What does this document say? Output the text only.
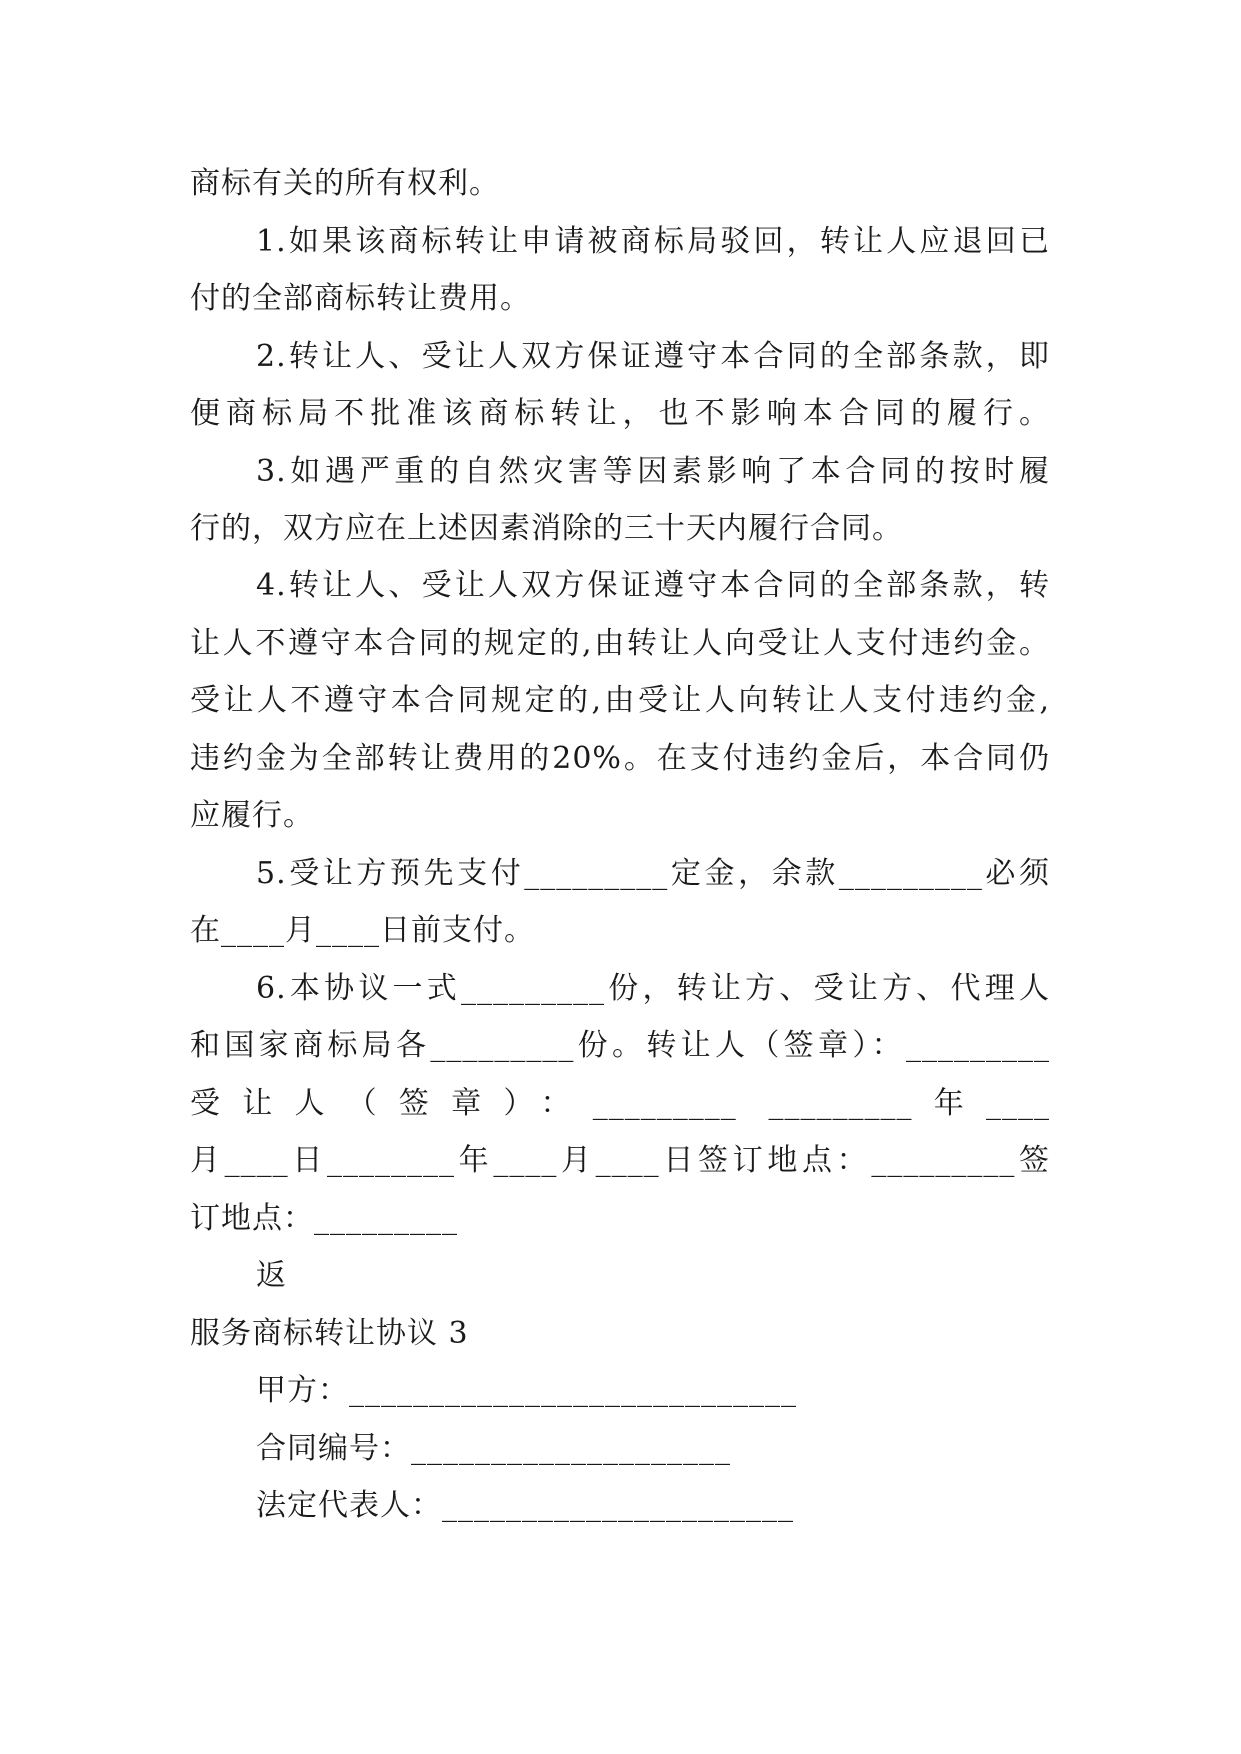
商标有关的所有权利。
1.如果该商标转让申请被商标局驳回，转让人应退回已
付的全部商标转让费用。
2.转让人、受让人双方保证遵守本合同的全部条款，即
便商标局不批准该商标转让，也不影响本合同的履行。
3.如遇严重的自然灾害等因素影响了本合同的按时履
行的，双方应在上述因素消除的三十天内履行合同。
4.转让人、受让人双方保证遵守本合同的全部条款，转
让人不遵守本合同的规定的,由转让人向受让人支付违约金。
受让人不遵守本合同规定的,由受让人向转让人支付违约金,
违约金为全部转让费用的20%。在支付违约金后，本合同仍
应履行。
5.受让方预先支付_________定金，余款_________必须
在____月____日前支付。
6.本协议一式_________份，转让方、受让方、代理人
和国家商标局各_________份。转让人（签章）：_________
受让人（签章）：_________ _________年____
月____日________年____月____日签订地点：_________签
订地点：_________
返
服务商标转让协议 3
甲方：____________________________
合同编号：____________________
法定代表人：______________________
